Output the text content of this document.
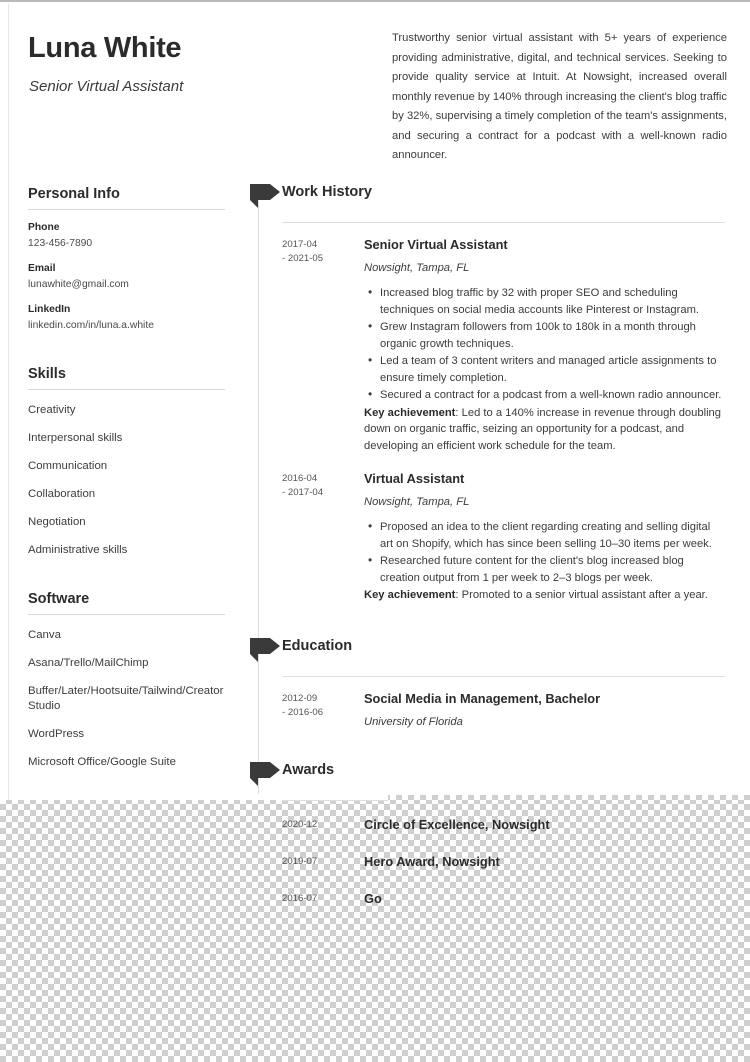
Luna White
Senior Virtual Assistant
Trustworthy senior virtual assistant with 5+ years of experience providing administrative, digital, and technical services. Seeking to provide quality service at Intuit. At Nowsight, increased overall monthly revenue by 140% through increasing the client's blog traffic by 32%, supervising a timely completion of the team's assignments, and securing a contract for a podcast with a well-known radio announcer.
Personal Info
Phone
123-456-7890
Email
lunawhite@gmail.com
LinkedIn
linkedin.com/in/luna.a.white
Skills
Creativity
Interpersonal skills
Communication
Collaboration
Negotiation
Administrative skills
Software
Canva
Asana/Trello/MailChimp
Buffer/Later/Hootsuite/Tailwind/Creator Studio
WordPress
Microsoft Office/Google Suite
Work History
2017-04
- 2021-05
Senior Virtual Assistant
Nowsight, Tampa, FL
• Increased blog traffic by 32 with proper SEO and scheduling techniques on social media accounts like Pinterest or Instagram.
• Grew Instagram followers from 100k to 180k in a month through organic growth techniques.
• Led a team of 3 content writers and managed article assignments to ensure timely completion.
• Secured a contract for a podcast from a well-known radio announcer.
Key achievement: Led to a 140% increase in revenue through doubling down on organic traffic, seizing an opportunity for a podcast, and developing an efficient work schedule for the team.
2016-04
- 2017-04
Virtual Assistant
Nowsight, Tampa, FL
• Proposed an idea to the client regarding creating and selling digital art on Shopify, which has since been selling 10–30 items per week.
• Researched future content for the client's blog increased blog creation output from 1 per week to 2–3 blogs per week.
Key achievement: Promoted to a senior virtual assistant after a year.
Education
2012-09
- 2016-06
Social Media in Management, Bachelor
University of Florida
Awards
2020-12	Circle of Excellence, Nowsight
2019-07	Hero Award, Nowsight
2016-07	Go
